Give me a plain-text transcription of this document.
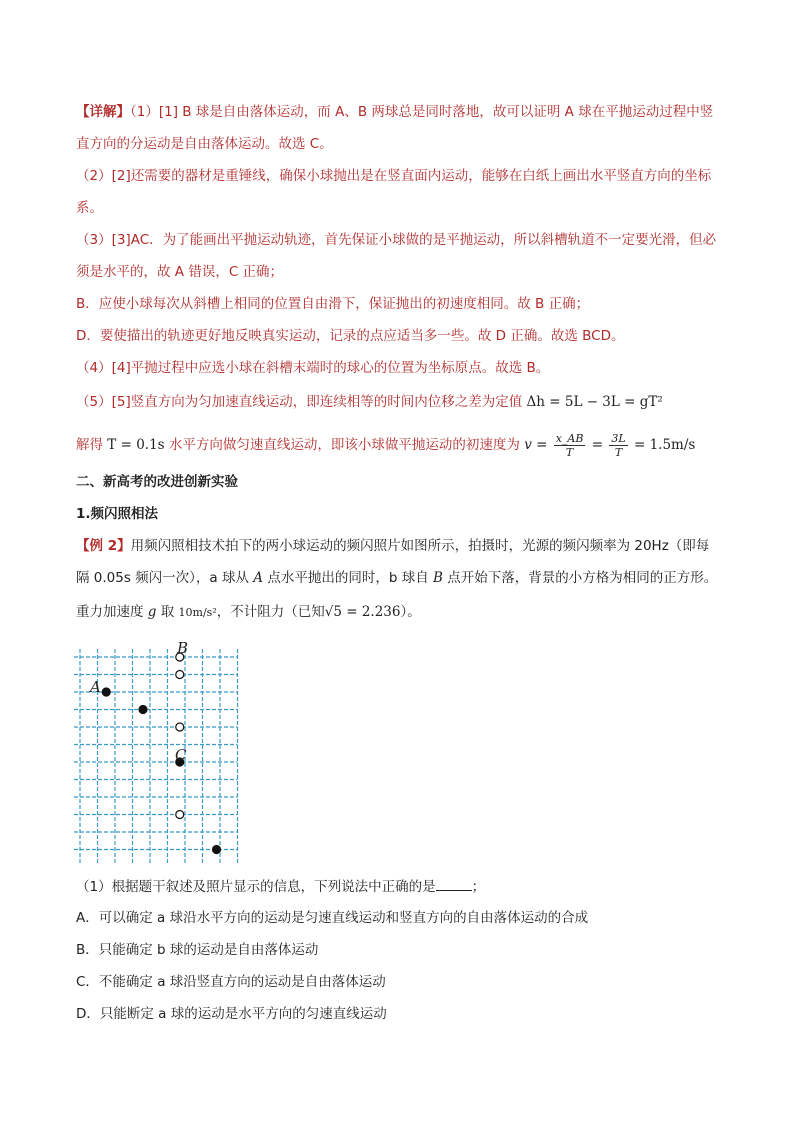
【详解】（1）[1] B 球是自由落体运动，而 A、B 两球总是同时落地，故可以证明 A 球在平抛运动过程中竖
直方向的分运动是自由落体运动。故选 C。
（2）[2]还需要的器材是重锤线，确保小球抛出是在竖直面内运动，能够在白纸上画出水平竖直方向的坐标
系。
（3）[3]AC．为了能画出平抛运动轨迹，首先保证小球做的是平抛运动，所以斜槽轨道不一定要光滑，但必
须是水平的，故 A 错误，C 正确；
B．应使小球每次从斜槽上相同的位置自由滑下，保证抛出的初速度相同。故 B 正确；
D．要使描出的轨迹更好地反映真实运动，记录的点应适当多一些。故 D 正确。故选 BCD。
（4）[4]平抛过程中应选小球在斜槽末端时的球心的位置为坐标原点。故选 B。
（5）[5]竖直方向为匀加速直线运动，即连续相等的时间内位移之差为定值 Δh = 5L − 3L = gT²
解得 T = 0.1s 水平方向做匀速直线运动，即该小球做平抛运动的初速度为 $v = \frac{x\_AB}{T} = \frac{3L}{T} = 1.5m/s$
二、新高考的改进创新实验
1.频闪照相法
【例 2】用频闪照相技术拍下的两小球运动的频闪照片如图所示，拍摄时，光源的频闪频率为 20Hz（即每
隔 0.05s 频闪一次），a 球从 A 点水平抛出的同时，b 球自 B 点开始下落，背景的小方格为相同的正方形。
重力加速度 g 取 10m/s²，不计阻力（已知√5 = 2.236）。
A
B
C
（1）根据题干叙述及照片显示的信息，下列说法中正确的是	；
A．可以确定 a 球沿水平方向的运动是匀速直线运动和竖直方向的自由落体运动的合成
B．只能确定 b 球的运动是自由落体运动
C．不能确定 a 球沿竖直方向的运动是自由落体运动
D．只能断定 a 球的运动是水平方向的匀速直线运动
